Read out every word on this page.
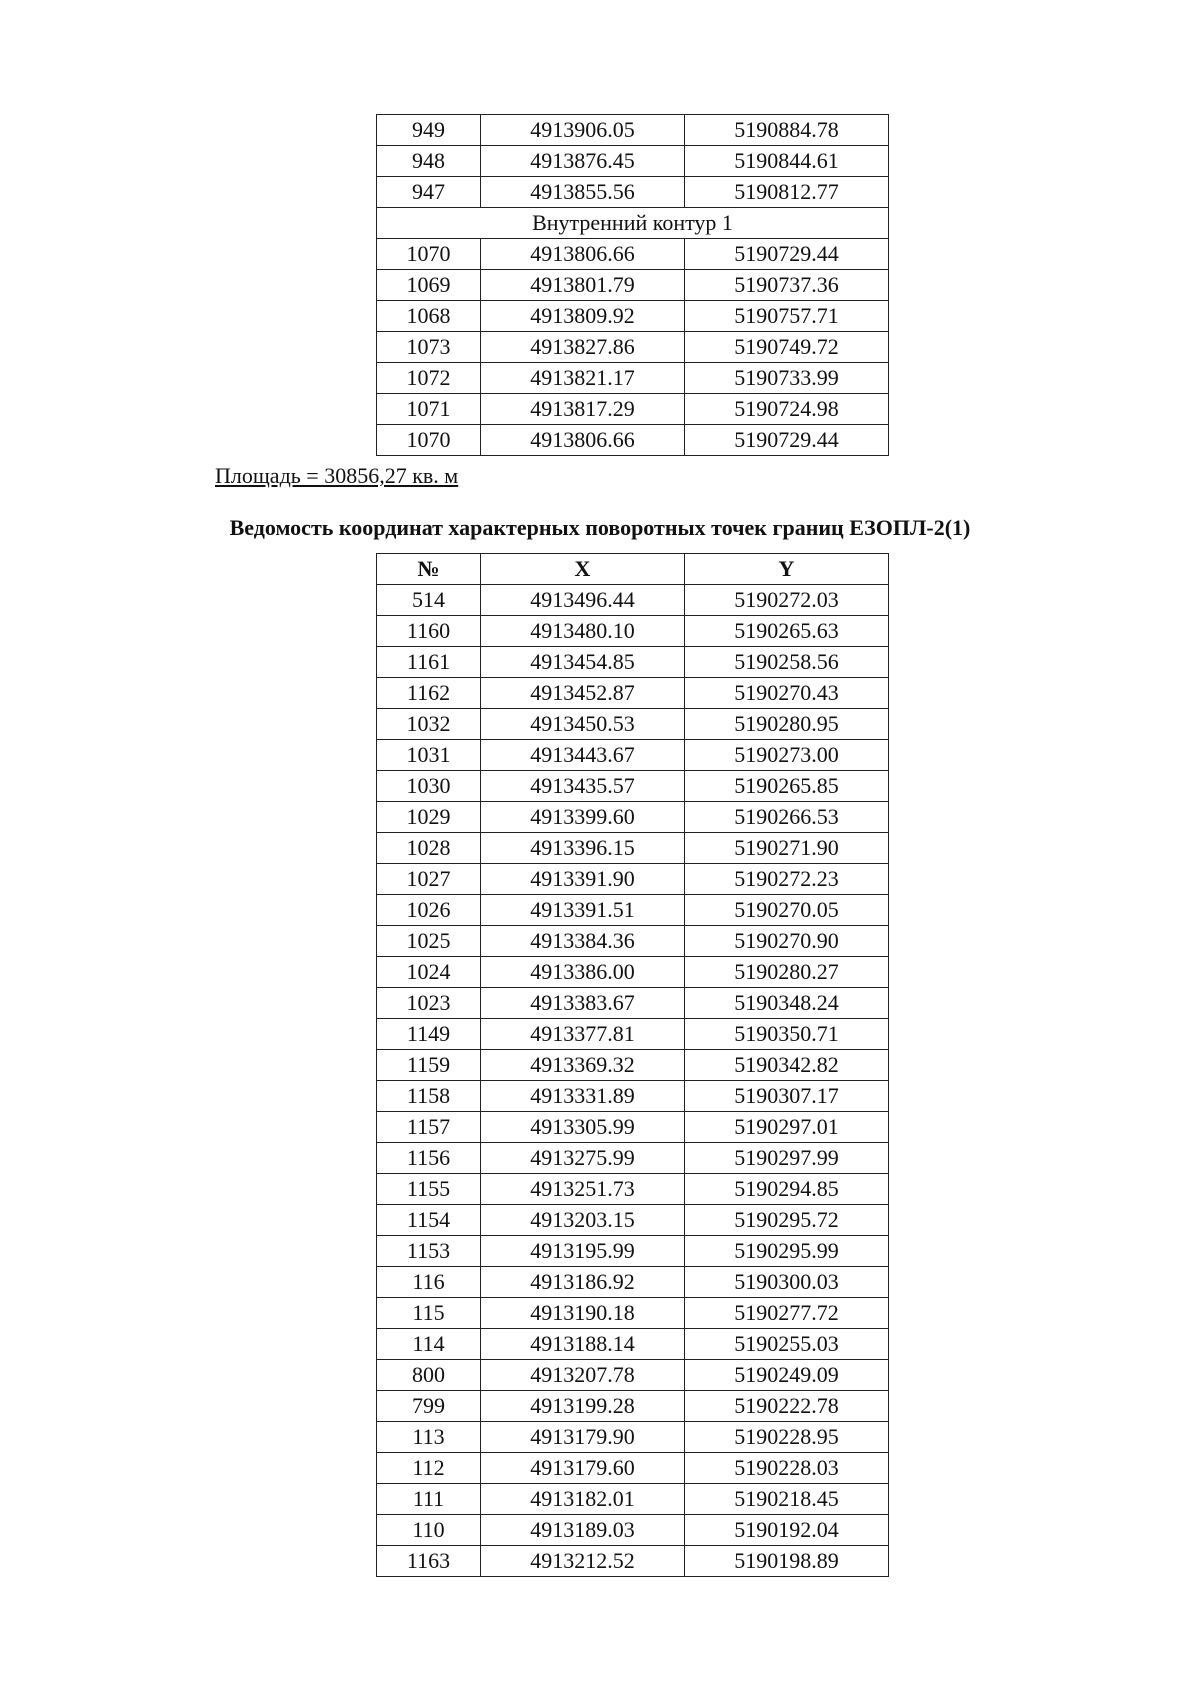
949	4913906.05	5190884.78
948	4913876.45	5190844.61
947	4913855.56	5190812.77
Внутренний контур 1		
1070	4913806.66	5190729.44
1069	4913801.79	5190737.36
1068	4913809.92	5190757.71
1073	4913827.86	5190749.72
1072	4913821.17	5190733.99
1071	4913817.29	5190724.98
1070	4913806.66	5190729.44
Площадь = 30856,27 кв. м
Ведомость координат характерных поворотных точек границ ЕЗОПЛ-2(1)
№	X	Y
514	4913496.44	5190272.03
1160	4913480.10	5190265.63
1161	4913454.85	5190258.56
1162	4913452.87	5190270.43
1032	4913450.53	5190280.95
1031	4913443.67	5190273.00
1030	4913435.57	5190265.85
1029	4913399.60	5190266.53
1028	4913396.15	5190271.90
1027	4913391.90	5190272.23
1026	4913391.51	5190270.05
1025	4913384.36	5190270.90
1024	4913386.00	5190280.27
1023	4913383.67	5190348.24
1149	4913377.81	5190350.71
1159	4913369.32	5190342.82
1158	4913331.89	5190307.17
1157	4913305.99	5190297.01
1156	4913275.99	5190297.99
1155	4913251.73	5190294.85
1154	4913203.15	5190295.72
1153	4913195.99	5190295.99
116	4913186.92	5190300.03
115	4913190.18	5190277.72
114	4913188.14	5190255.03
800	4913207.78	5190249.09
799	4913199.28	5190222.78
113	4913179.90	5190228.95
112	4913179.60	5190228.03
111	4913182.01	5190218.45
110	4913189.03	5190192.04
1163	4913212.52	5190198.89
